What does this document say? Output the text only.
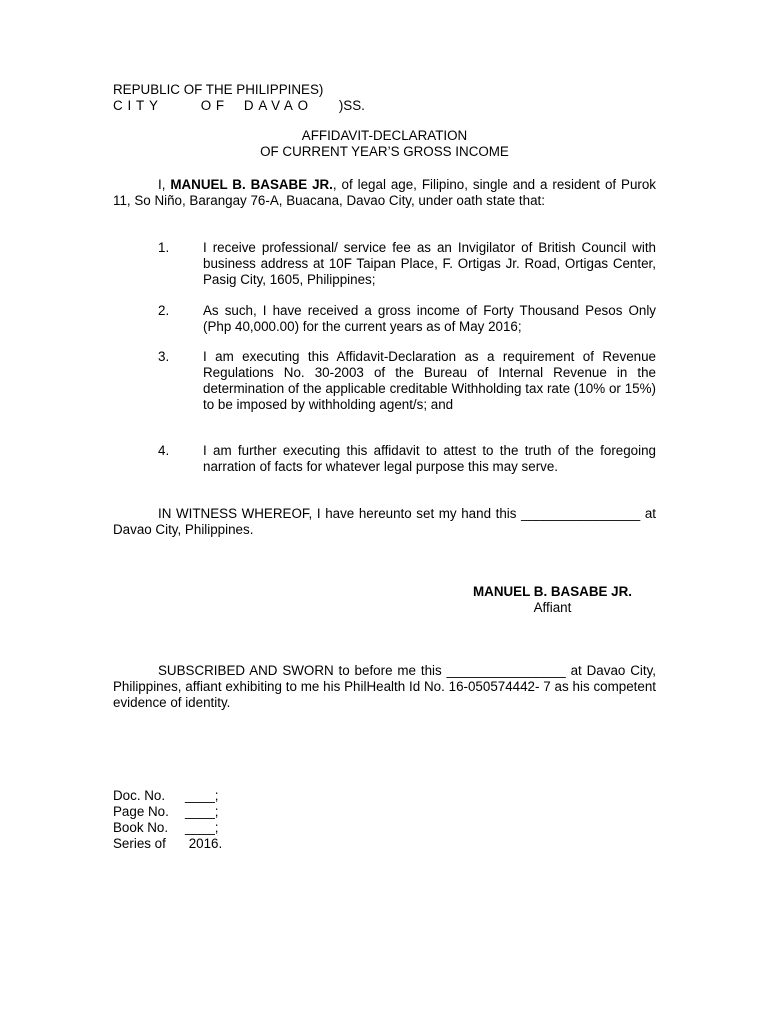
REPUBLIC OF THE PHILIPPINES)
CITY	OF DAVAO )SS.
AFFIDAVIT-DECLARATION
OF CURRENT YEAR’S GROSS INCOME
I, MANUEL B. BASABE JR., of legal age, Filipino, single and a resident of Purok 11, So Niño, Barangay 76-A, Buacana, Davao City, under oath state that:
1.	I receive professional/ service fee as an Invigilator of British Council with business address at 10F Taipan Place, F. Ortigas Jr. Road, Ortigas Center, Pasig City, 1605, Philippines;
2.	As such, I have received a gross income of Forty Thousand Pesos Only (Php 40,000.00) for the current years as of May 2016;
3.	I am executing this Affidavit-Declaration as a requirement of Revenue Regulations No. 30-2003 of the Bureau of Internal Revenue in the determination of the applicable creditable Withholding tax rate (10% or 15%) to be imposed by withholding agent/s; and
4.	I am further executing this affidavit to attest to the truth of the foregoing narration of facts for whatever legal purpose this may serve.
IN WITNESS WHEREOF, I have hereunto set my hand this ________________ at Davao City, Philippines.
MANUEL B. BASABE JR.
Affiant
SUBSCRIBED AND SWORN to before me this ________________ at Davao City, Philippines, affiant exhibiting to me his PhilHealth Id No. 16-050574442- 7 as his competent evidence of identity.
Doc. No. ____;
Page No. ____;
Book No. ____;
Series of 2016.
